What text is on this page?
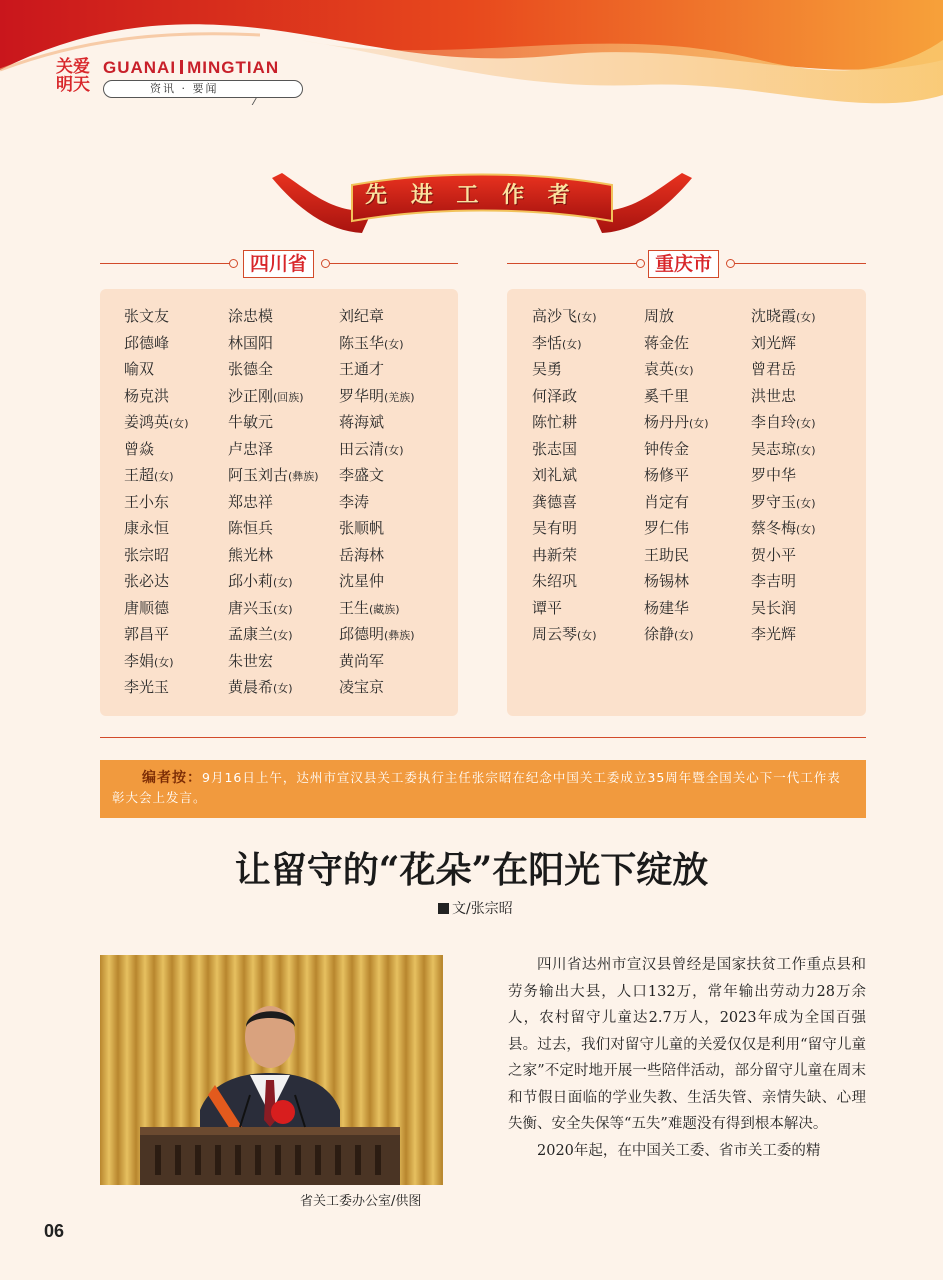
关爱明天
GUANAI MINGTIAN
资讯 · 要闻
先 进 工 作 者
四川省	重庆市
张文友	涂忠模	刘纪章
邱德峰	林国阳	陈玉华(女)
喻双	张德全	王通才
杨克洪	沙正刚(回族) 罗华明(羌族)
姜鸿英(女)	牛敏元	蒋海斌
曾焱	卢忠泽	田云清(女)
王超(女)	阿玉刘古(彝族) 李盛文
王小东	郑忠祥	李涛
康永恒	陈恒兵	张顺帆
张宗昭	熊光林	岳海林
张必达	邱小莉(女)	沈星仲
唐顺德	唐兴玉(女)	王生(藏族)
郭昌平	孟康兰(女)	邱德明(彝族)
李娟(女)	朱世宏	黄尚军
李光玉	黄晨希(女)	凌宝京
高沙飞(女)	周放	沈晓霞(女)
李恬(女)	蒋金佐	刘光辉
吴勇	袁英(女)	曾君岳
何泽政	奚千里	洪世忠
陈忙耕	杨丹丹(女)	李自玲(女)
张志国	钟传金	吴志琼(女)
刘礼斌	杨修平	罗中华
龚德喜	肖定有	罗守玉(女)
吴有明	罗仁伟	蔡冬梅(女)
冉新荣	王助民	贺小平
朱绍巩	杨锡林	李吉明
谭平	杨建华	吴长润
周云琴(女)	徐静(女)	李光辉
编者按：9月16日上午，达州市宣汉县关工委执行主任张宗昭在纪念中国关工委成立35周年暨全国关心下一代工作表彰大会上发言。
让留守的“花朵”在阳光下绽放
文/张宗昭
省关工委办公室/供图

四川省达州市宣汉县曾经是国家扶贫工作重点县和劳务输出大县，人口132万，常年输出劳动力28万余人，农村留守儿童达2.7万人，2023年成为全国百强县。过去，我们对留守儿童的关爱仅仅是利用“留守儿童之家”不定时地开展一些陪伴活动，部分留守儿童在周末和节假日面临的学业失教、生活失管、亲情失缺、心理失衡、安全失保等“五失”难题没有得到根本解决。

2020年起，在中国关工委、省市关工委的精

06
